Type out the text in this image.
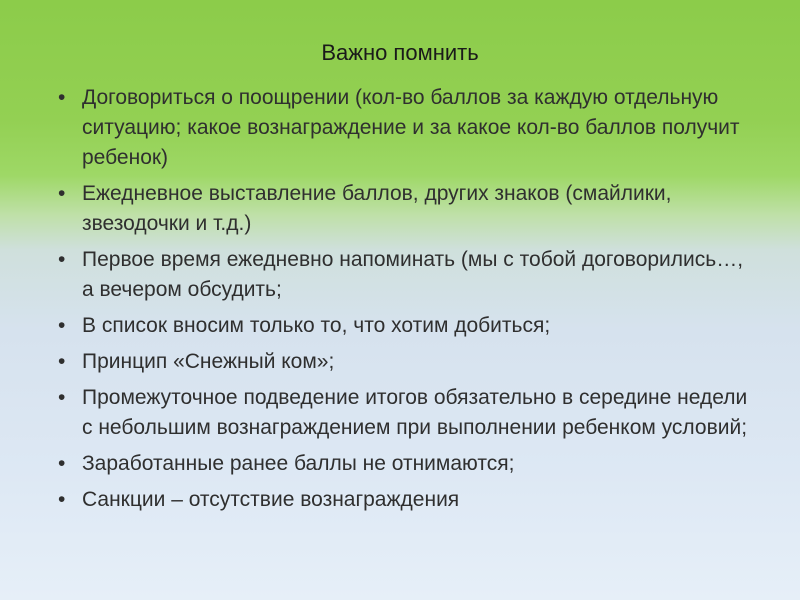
Важно помнить
• Договориться о поощрении (кол-во баллов за каждую отдельную ситуацию; какое вознаграждение и за какое кол-во баллов получит ребенок)
• Ежедневное выставление баллов, других знаков (смайлики, звезодочки и т.д.)
• Первое время ежедневно напоминать (мы с тобой договорились…, а вечером обсудить;
• В список вносим только то, что хотим добиться;
• Принцип «Снежный ком»;
• Промежуточное подведение итогов обязательно в середине недели с небольшим вознаграждением при выполнении ребенком условий;
• Заработанные ранее баллы не отнимаются;
• Санкции – отсутствие вознаграждения
